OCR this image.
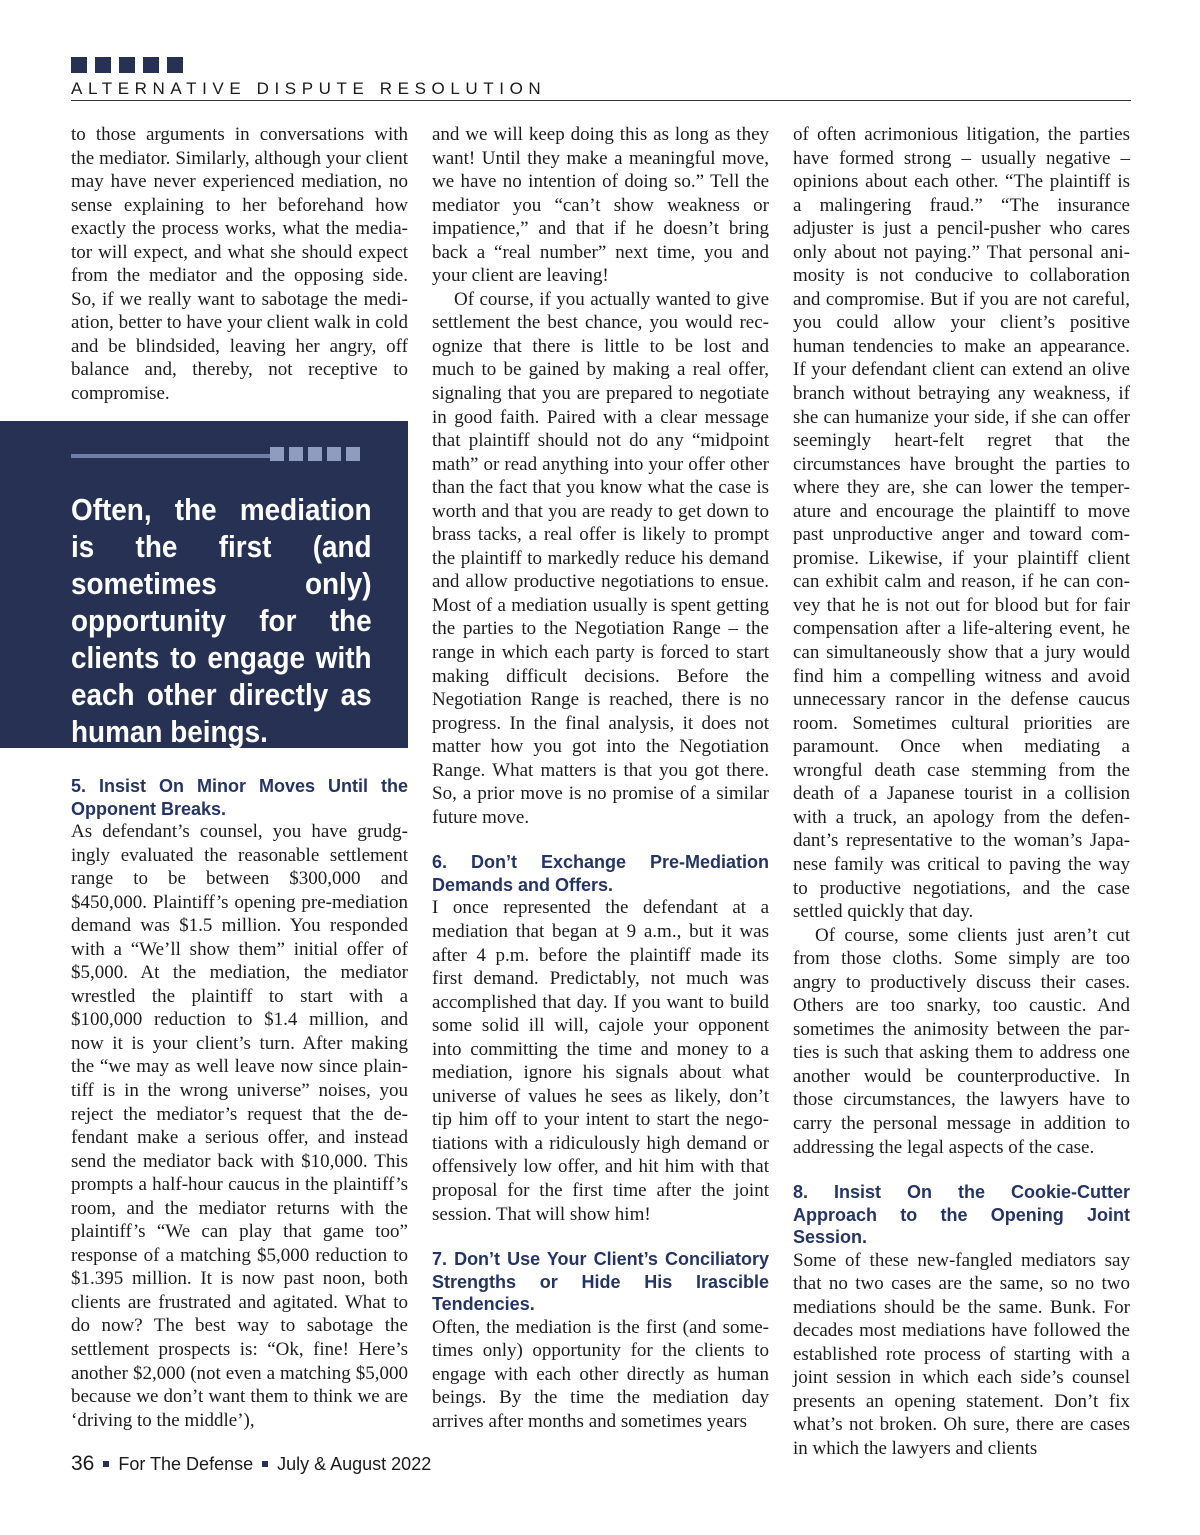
ALTERNATIVE DISPUTE RESOLUTION

to those arguments in conversations with the mediator. Similarly, although your client may have never experienced mediation, no sense explaining to her beforehand how exactly the process works, what the mediator will expect, and what she should expect from the mediator and the opposing side. So, if we really want to sabotage the mediation, better to have your client walk in cold and be blindsided, leaving her angry, off balance and, thereby, not receptive to compromise.

Often, the mediation is the first (and sometimes only) opportunity for the clients to engage with each other directly as human beings.

5. Insist On Minor Moves Until the Opponent Breaks.

As defendant’s counsel, you have grudgingly evaluated the reasonable settlement range to be between $300,000 and $450,000. Plaintiff’s opening pre-mediation demand was $1.5 million. You responded with a “We’ll show them” initial offer of $5,000. At the mediation, the mediator wrestled the plaintiff to start with a $100,000 reduction to $1.4 million, and now it is your client’s turn. After making the “we may as well leave now since plaintiff is in the wrong universe” noises, you reject the mediator’s request that the defendant make a serious offer, and instead send the mediator back with $10,000. This prompts a half-hour caucus in the plaintiff’s room, and the mediator returns with the plaintiff’s “We can play that game too” response of a matching $5,000 reduction to $1.395 million. It is now past noon, both clients are frustrated and agitated. What to do now? The best way to sabotage the settlement prospects is: “Ok, fine! Here’s another $2,000 (not even a matching $5,000 because we don’t want them to think we are ‘driving to the middle’),

and we will keep doing this as long as they want! Until they make a meaningful move, we have no intention of doing so.” Tell the mediator you “can’t show weakness or impatience,” and that if he doesn’t bring back a “real number” next time, you and your client are leaving!

Of course, if you actually wanted to give settlement the best chance, you would recognize that there is little to be lost and much to be gained by making a real offer, signaling that you are prepared to negotiate in good faith. Paired with a clear message that plaintiff should not do any “midpoint math” or read anything into your offer other than the fact that you know what the case is worth and that you are ready to get down to brass tacks, a real offer is likely to prompt the plaintiff to markedly reduce his demand and allow productive negotiations to ensue. Most of a mediation usually is spent getting the parties to the Negotiation Range – the range in which each party is forced to start making difficult decisions. Before the Negotiation Range is reached, there is no progress. In the final analysis, it does not matter how you got into the Negotiation Range. What matters is that you got there. So, a prior move is no promise of a similar future move.

6. Don’t Exchange Pre-Mediation Demands and Offers.

I once represented the defendant at a mediation that began at 9 a.m., but it was after 4 p.m. before the plaintiff made its first demand. Predictably, not much was accomplished that day. If you want to build some solid ill will, cajole your opponent into committing the time and money to a mediation, ignore his signals about what universe of values he sees as likely, don’t tip him off to your intent to start the negotiations with a ridiculously high demand or offensively low offer, and hit him with that proposal for the first time after the joint session. That will show him!

7. Don’t Use Your Client’s Conciliatory Strengths or Hide His Irascible Tendencies.

Often, the mediation is the first (and sometimes only) opportunity for the clients to engage with each other directly as human beings. By the time the mediation day arrives after months and sometimes years

of often acrimonious litigation, the parties have formed strong – usually negative – opinions about each other. “The plaintiff is a malingering fraud.” “The insurance adjuster is just a pencil-pusher who cares only about not paying.” That personal animosity is not conducive to collaboration and compromise. But if you are not careful, you could allow your client’s positive human tendencies to make an appearance. If your defendant client can extend an olive branch without betraying any weakness, if she can humanize your side, if she can offer seemingly heart-felt regret that the circumstances have brought the parties to where they are, she can lower the temperature and encourage the plaintiff to move past unproductive anger and toward compromise. Likewise, if your plaintiff client can exhibit calm and reason, if he can convey that he is not out for blood but for fair compensation after a life-altering event, he can simultaneously show that a jury would find him a compelling witness and avoid unnecessary rancor in the defense caucus room. Sometimes cultural priorities are paramount. Once when mediating a wrongful death case stemming from the death of a Japanese tourist in a collision with a truck, an apology from the defendant’s representative to the woman’s Japanese family was critical to paving the way to productive negotiations, and the case settled quickly that day.

Of course, some clients just aren’t cut from those cloths. Some simply are too angry to productively discuss their cases. Others are too snarky, too caustic. And sometimes the animosity between the parties is such that asking them to address one another would be counterproductive. In those circumstances, the lawyers have to carry the personal message in addition to addressing the legal aspects of the case.

8. Insist On the Cookie-Cutter Approach to the Opening Joint Session.

Some of these new-fangled mediators say that no two cases are the same, so no two mediations should be the same. Bunk. For decades most mediations have followed the established rote process of starting with a joint session in which each side’s counsel presents an opening statement. Don’t fix what’s not broken. Oh sure, there are cases in which the lawyers and clients

36 For The Defense July & August 2022
